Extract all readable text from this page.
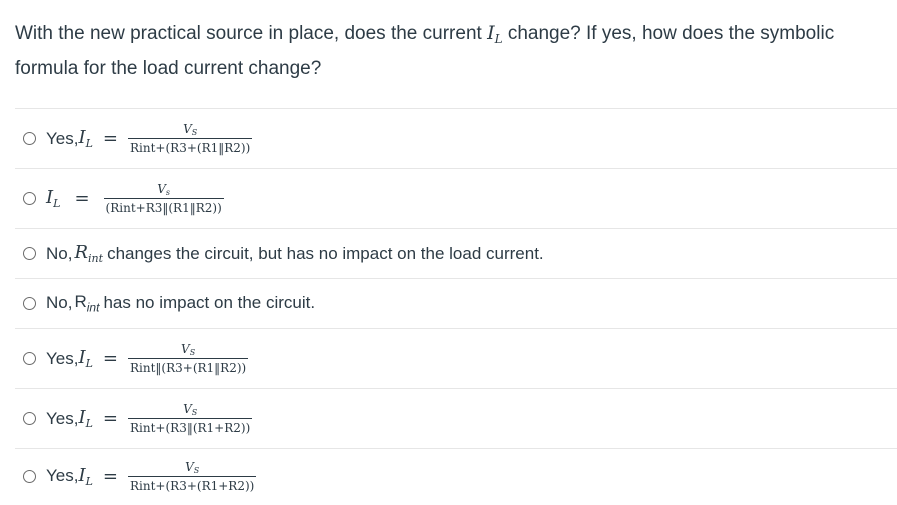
With the new practical source in place, does the current $I_L$ change? If yes, how does the symbolic formula for the load current change?
Yes, $I_L = \frac{VS}{\text{Rint+(R3+(R1‖R2))}}$
$I_L = \frac{Vs}{\text{(Rint+R3‖(R1‖R2))}}$
No, $R_{int}$ changes the circuit, but has no impact on the load current.
No, $R_{int}$ has no impact on the circuit.
Yes, $I_L = \frac{VS}{\text{Rint‖(R3+(R1‖R2))}}$
Yes, $I_L = \frac{VS}{\text{Rint+(R3‖(R1+R2))}}$
Yes, $I_L = \frac{VS}{\text{Rint+(R3+(R1+R2))}}$
